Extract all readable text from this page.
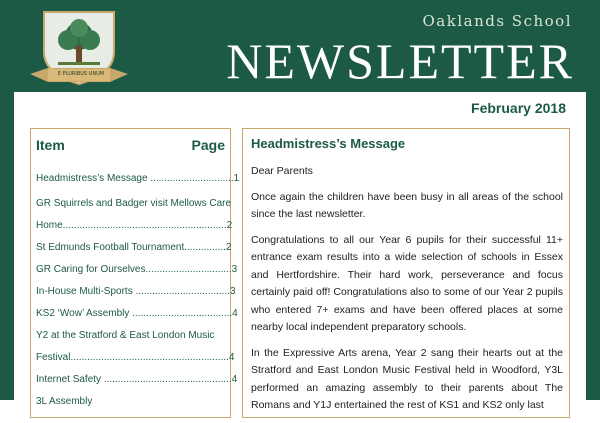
E PLURIBUS UNUM
Oaklands School
NEWSLETTER
February 2018
Item	Page
Headmistress’s Message ..............................1
GR Squirrels and Badger visit Mellows Care
Home...........................................................2
St Edmunds Football Tournament...............2
GR Caring for Ourselves...............................3
In-House Multi-Sports ..................................3
KS2 ‘Wow’ Assembly ....................................4
Y2 at the Stratford & East London Music
Festival.........................................................4
Internet Safety ..............................................4
3L Assembly
Headmistress’s Message

Dear Parents

Once again the children have been busy in all areas of the school since the last newsletter.

Congratulations to all our Year 6 pupils for their successful 11+ entrance exam results into a wide selection of schools in Essex and Hertfordshire. Their hard work, perseverance and focus certainly paid off! Congratulations also to some of our Year 2 pupils who entered 7+ exams and have been offered places at some nearby local independent preparatory schools.

In the Expressive Arts arena, Year 2 sang their hearts out at the Stratford and East London Music Festival held in Woodford, Y3L performed an amazing assembly to their parents about The Romans and Y1J entertained the rest of KS1 and KS2 only last
